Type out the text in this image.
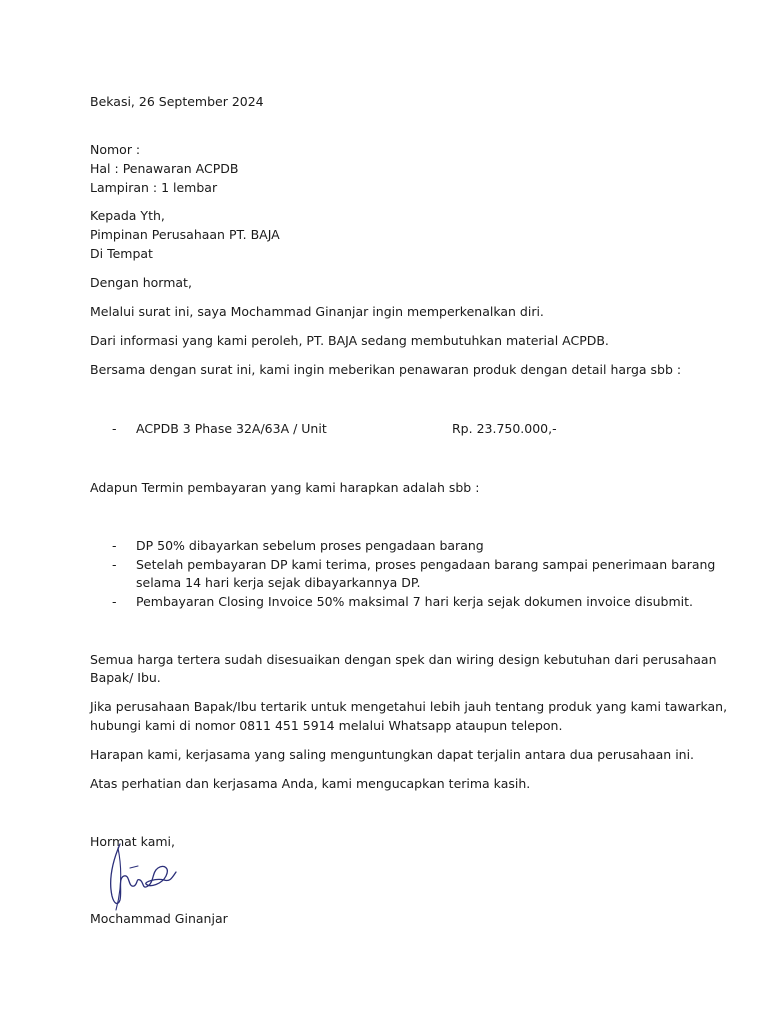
Bekasi, 26 September 2024
Nomor :
Hal : Penawaran ACPDB
Lampiran : 1 lembar
Kepada Yth,
Pimpinan Perusahaan PT. BAJA
Di Tempat
Dengan hormat,
Melalui surat ini, saya Mochammad Ginanjar ingin memperkenalkan diri.
Dari informasi yang kami peroleh, PT. BAJA sedang membutuhkan material ACPDB.
Bersama dengan surat ini, kami ingin meberikan penawaran produk dengan detail harga sbb :
- ACPDB 3 Phase 32A/63A / Unit	Rp. 23.750.000,-
Adapun Termin pembayaran yang kami harapkan adalah sbb :
- DP 50% dibayarkan sebelum proses pengadaan barang
- Setelah pembayaran DP kami terima, proses pengadaan barang sampai penerimaan barang
selama 14 hari kerja sejak dibayarkannya DP.
- Pembayaran Closing Invoice 50% maksimal 7 hari kerja sejak dokumen invoice disubmit.
Semua harga tertera sudah disesuaikan dengan spek dan wiring design kebutuhan dari perusahaan
Bapak/ Ibu.
Jika perusahaan Bapak/Ibu tertarik untuk mengetahui lebih jauh tentang produk yang kami tawarkan,
hubungi kami di nomor 0811 451 5914 melalui Whatsapp ataupun telepon.
Harapan kami, kerjasama yang saling menguntungkan dapat terjalin antara dua perusahaan ini.
Atas perhatian dan kerjasama Anda, kami mengucapkan terima kasih.
Hormat kami,
Mochammad Ginanjar
